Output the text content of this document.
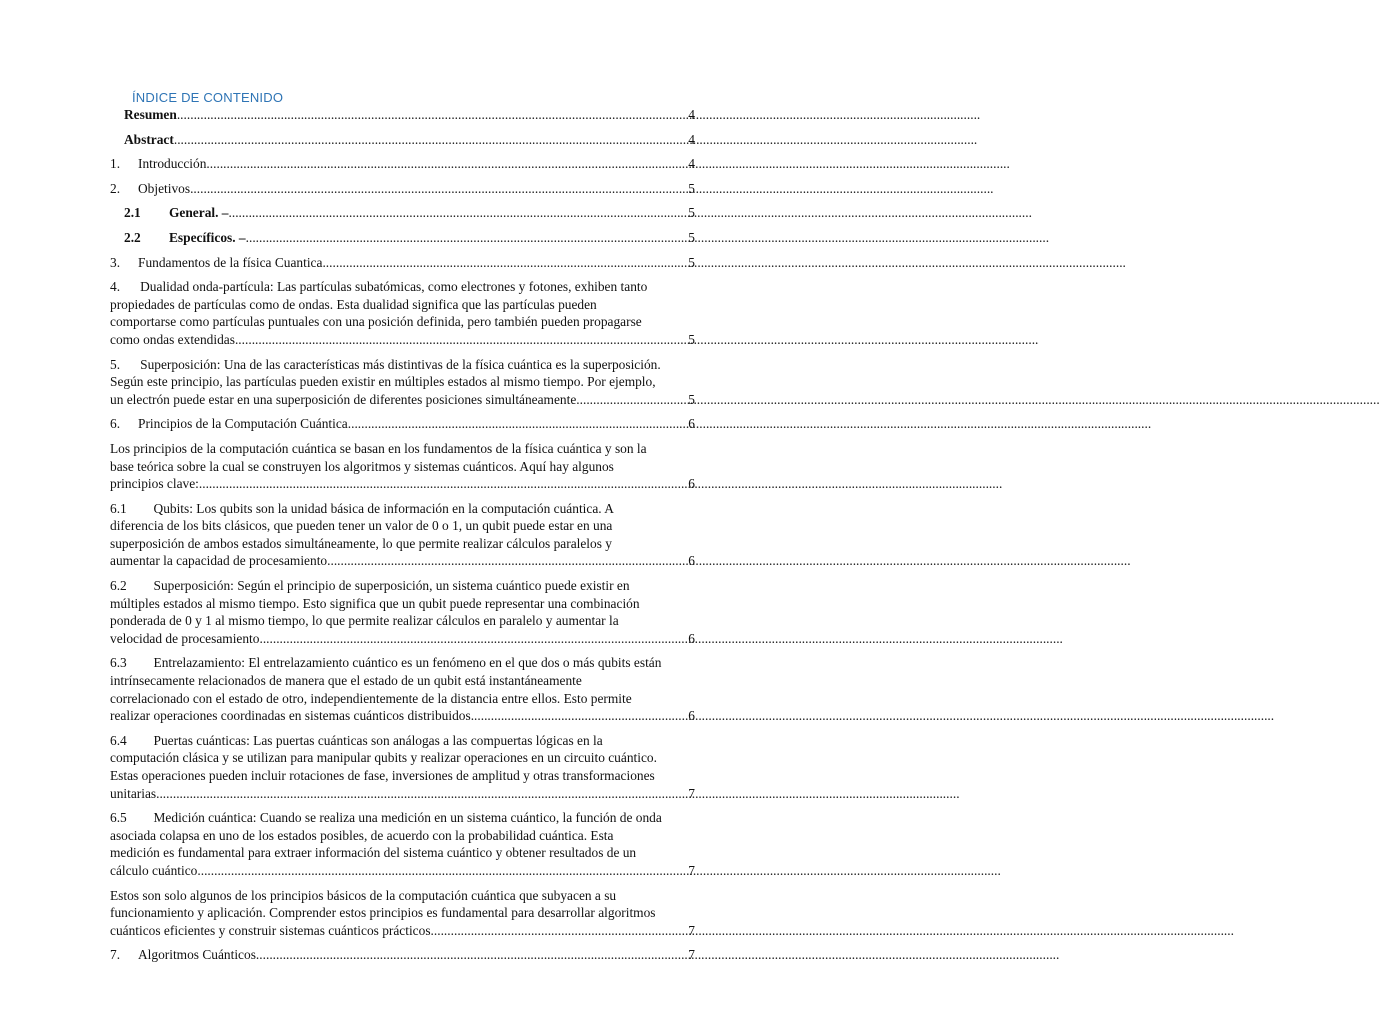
ÍNDICE DE CONTENIDO
Resumen .....	4
Abstract .....	4
1.	Introducción .....	4
2.	Objetivos .....	5
2.1	General. – .....	5
2.2	Específicos. – .....	5
3.	Fundamentos de la física Cuantica .....	5
4.      Dualidad onda-partícula: Las partículas subatómicas, como electrones y fotones, exhiben tanto
propiedades de partículas como de ondas. Esta dualidad significa que las partículas pueden
comportarse como partículas puntuales con una posición definida, pero también pueden propagarse
como ondas extendidas .....	5
5.      Superposición: Una de las características más distintivas de la física cuántica es la superposición.
Según este principio, las partículas pueden existir en múltiples estados al mismo tiempo. Por ejemplo,
un electrón puede estar en una superposición de diferentes posiciones simultáneamente .....	5
6.	Principios de la Computación Cuántica .....	6
Los principios de la computación cuántica se basan en los fundamentos de la física cuántica y son la
base teórica sobre la cual se construyen los algoritmos y sistemas cuánticos. Aquí hay algunos
principios clave: .....	6
6.1        Qubits: Los qubits son la unidad básica de información en la computación cuántica. A
diferencia de los bits clásicos, que pueden tener un valor de 0 o 1, un qubit puede estar en una
superposición de ambos estados simultáneamente, lo que permite realizar cálculos paralelos y
aumentar la capacidad de procesamiento .....	6
6.2        Superposición: Según el principio de superposición, un sistema cuántico puede existir en
múltiples estados al mismo tiempo. Esto significa que un qubit puede representar una combinación
ponderada de 0 y 1 al mismo tiempo, lo que permite realizar cálculos en paralelo y aumentar la
velocidad de procesamiento .....	6
6.3        Entrelazamiento: El entrelazamiento cuántico es un fenómeno en el que dos o más qubits están
intrínsecamente relacionados de manera que el estado de un qubit está instantáneamente
correlacionado con el estado de otro, independientemente de la distancia entre ellos. Esto permite
realizar operaciones coordinadas en sistemas cuánticos distribuidos .....	6
6.4        Puertas cuánticas: Las puertas cuánticas son análogas a las compuertas lógicas en la
computación clásica y se utilizan para manipular qubits y realizar operaciones en un circuito cuántico.
Estas operaciones pueden incluir rotaciones de fase, inversiones de amplitud y otras transformaciones
unitarias .....	7
6.5        Medición cuántica: Cuando se realiza una medición en un sistema cuántico, la función de onda
asociada colapsa en uno de los estados posibles, de acuerdo con la probabilidad cuántica. Esta
medición es fundamental para extraer información del sistema cuántico y obtener resultados de un
cálculo cuántico .....	7
Estos son solo algunos de los principios básicos de la computación cuántica que subyacen a su
funcionamiento y aplicación. Comprender estos principios es fundamental para desarrollar algoritmos
cuánticos eficientes y construir sistemas cuánticos prácticos .....	7
7.	Algoritmos Cuánticos .....	7
